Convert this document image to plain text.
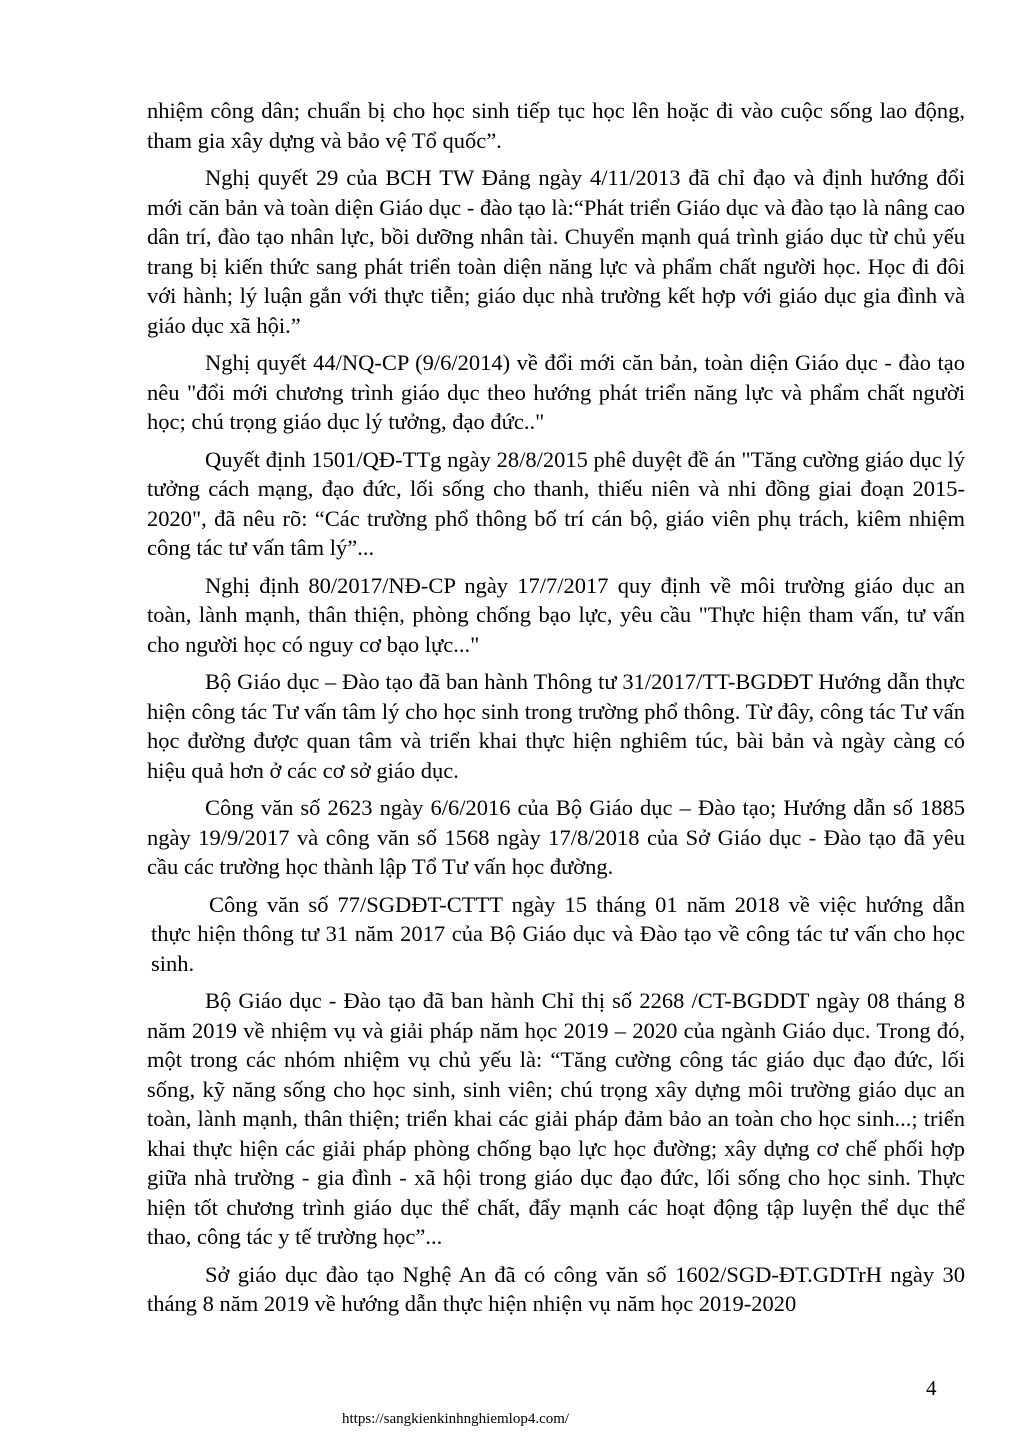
nhiệm công dân; chuẩn bị cho học sinh tiếp tục học lên hoặc đi vào cuộc sống lao động, tham gia xây dựng và bảo vệ Tổ quốc”.

Nghị quyết 29 của BCH TW Đảng ngày 4/11/2013 đã chỉ đạo và định hướng đổi mới căn bản và toàn diện Giáo dục - đào tạo là:“Phát triển Giáo dục và đào tạo là nâng cao dân trí, đào tạo nhân lực, bồi dưỡng nhân tài. Chuyển mạnh quá trình giáo dục từ chủ yếu trang bị kiến thức sang phát triển toàn diện năng lực và phẩm chất người học. Học đi đôi với hành; lý luận gắn với thực tiễn; giáo dục nhà trường kết hợp với giáo dục gia đình và giáo dục xã hội.”

Nghị quyết 44/NQ-CP (9/6/2014) về đổi mới căn bản, toàn diện Giáo dục - đào tạo nêu "đổi mới chương trình giáo dục theo hướng phát triển năng lực và phẩm chất người học; chú trọng giáo dục lý tưởng, đạo đức.."

Quyết định 1501/QĐ-TTg ngày 28/8/2015 phê duyệt đề án "Tăng cường giáo dục lý tưởng cách mạng, đạo đức, lối sống cho thanh, thiếu niên và nhi đồng giai đoạn 2015-2020", đã nêu rõ: “Các trường phổ thông bố trí cán bộ, giáo viên phụ trách, kiêm nhiệm công tác tư vấn tâm lý”...

Nghị định 80/2017/NĐ-CP ngày 17/7/2017 quy định về môi trường giáo dục an toàn, lành mạnh, thân thiện, phòng chống bạo lực, yêu cầu "Thực hiện tham vấn, tư vấn cho người học có nguy cơ bạo lực..."

Bộ Giáo dục – Đào tạo đã ban hành Thông tư 31/2017/TT-BGDĐT Hướng dẫn thực hiện công tác Tư vấn tâm lý cho học sinh trong trường phổ thông. Từ đây, công tác Tư vấn học đường được quan tâm và triển khai thực hiện nghiêm túc, bài bản và ngày càng có hiệu quả hơn ở các cơ sở giáo dục.

Công văn số 2623 ngày 6/6/2016 của Bộ Giáo dục – Đào tạo; Hướng dẫn số 1885 ngày 19/9/2017 và công văn số 1568 ngày 17/8/2018 của Sở Giáo dục - Đào tạo đã yêu cầu các trường học thành lập Tổ Tư vấn học đường.

Công văn số 77/SGDĐT-CTTT ngày 15 tháng 01 năm 2018 về việc hướng dẫn thực hiện thông tư 31 năm 2017 của Bộ Giáo dục và Đào tạo về công tác tư vấn cho học sinh.

Bộ Giáo dục - Đào tạo đã ban hành Chỉ thị số 2268 /CT-BGDDT ngày 08 tháng 8 năm 2019 về nhiệm vụ và giải pháp năm học 2019 – 2020 của ngành Giáo dục. Trong đó, một trong các nhóm nhiệm vụ chủ yếu là: “Tăng cường công tác giáo dục đạo đức, lối sống, kỹ năng sống cho học sinh, sinh viên; chú trọng xây dựng môi trường giáo dục an toàn, lành mạnh, thân thiện; triển khai các giải pháp đảm bảo an toàn cho học sinh...; triển khai thực hiện các giải pháp phòng chống bạo lực học đường; xây dựng cơ chế phối hợp giữa nhà trường - gia đình - xã hội trong giáo dục đạo đức, lối sống cho học sinh. Thực hiện tốt chương trình giáo dục thể chất, đẩy mạnh các hoạt động tập luyện thể dục thể thao, công tác y tế trường học”...

Sở giáo dục đào tạo Nghệ An đã có công văn số 1602/SGD-ĐT.GDTrH ngày 30 tháng 8 năm 2019 về hướng dẫn thực hiện nhiện vụ năm học 2019-2020

4
https://sangkienkinhnghiemlop4.com/
